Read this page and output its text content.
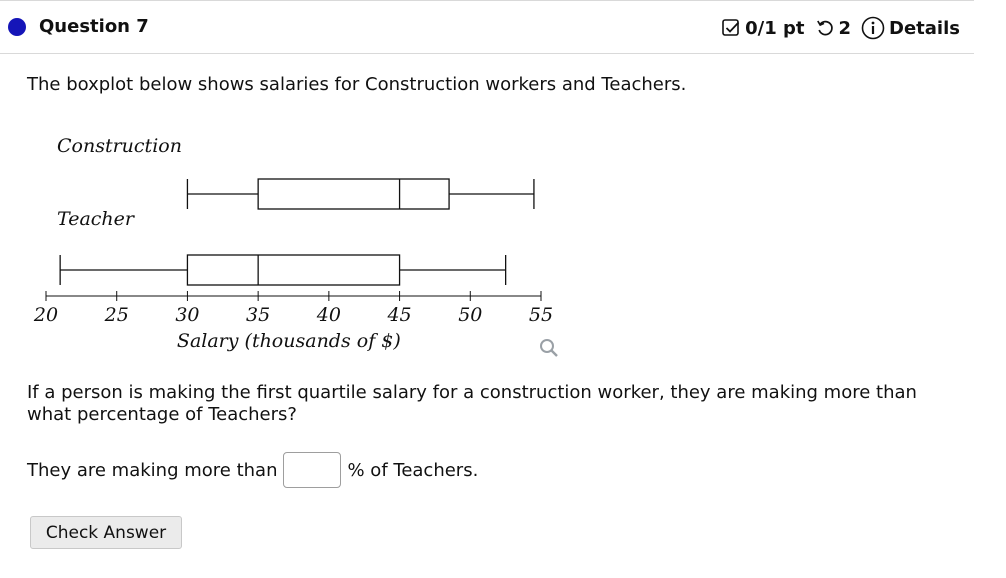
Question 7	0/1 pt 2 Details
The boxplot below shows salaries for Construction workers and Teachers.
Construction
Teacher
20 25 30 35 40 45 50 55
Salary (thousands of $)
If a person is making the first quartile salary for a construction worker, they are making more than what percentage of Teachers?
They are making more than	% of Teachers.
Check Answer
